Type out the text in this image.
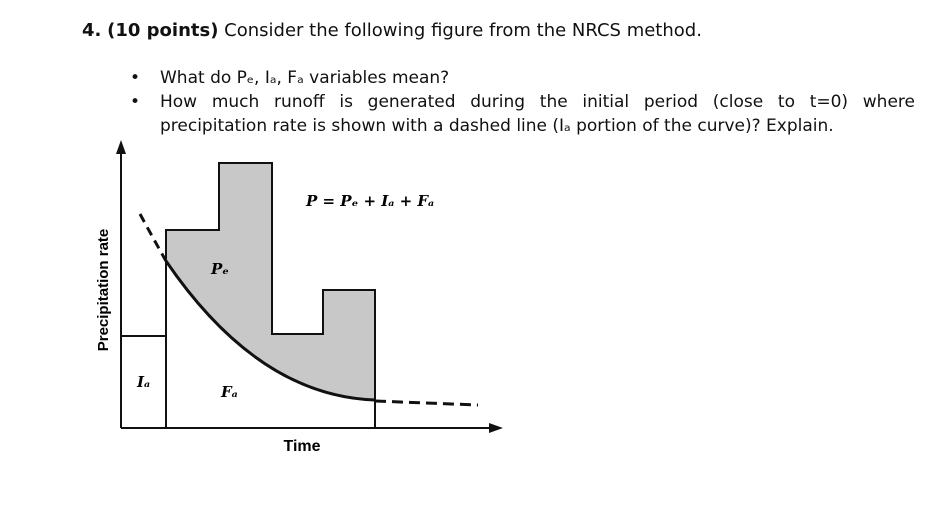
4. (10 points) Consider the following figure from the NRCS method.
• What do Pₑ, Iₐ, Fₐ variables mean?
• How much runoff is generated during the initial period (close to t=0) where
precipitation rate is shown with a dashed line (Iₐ portion of the curve)? Explain.
P = Pₑ + Iₐ + Fₐ
Pₑ
Iₐ
Fₐ
Precipitation rate
Time
